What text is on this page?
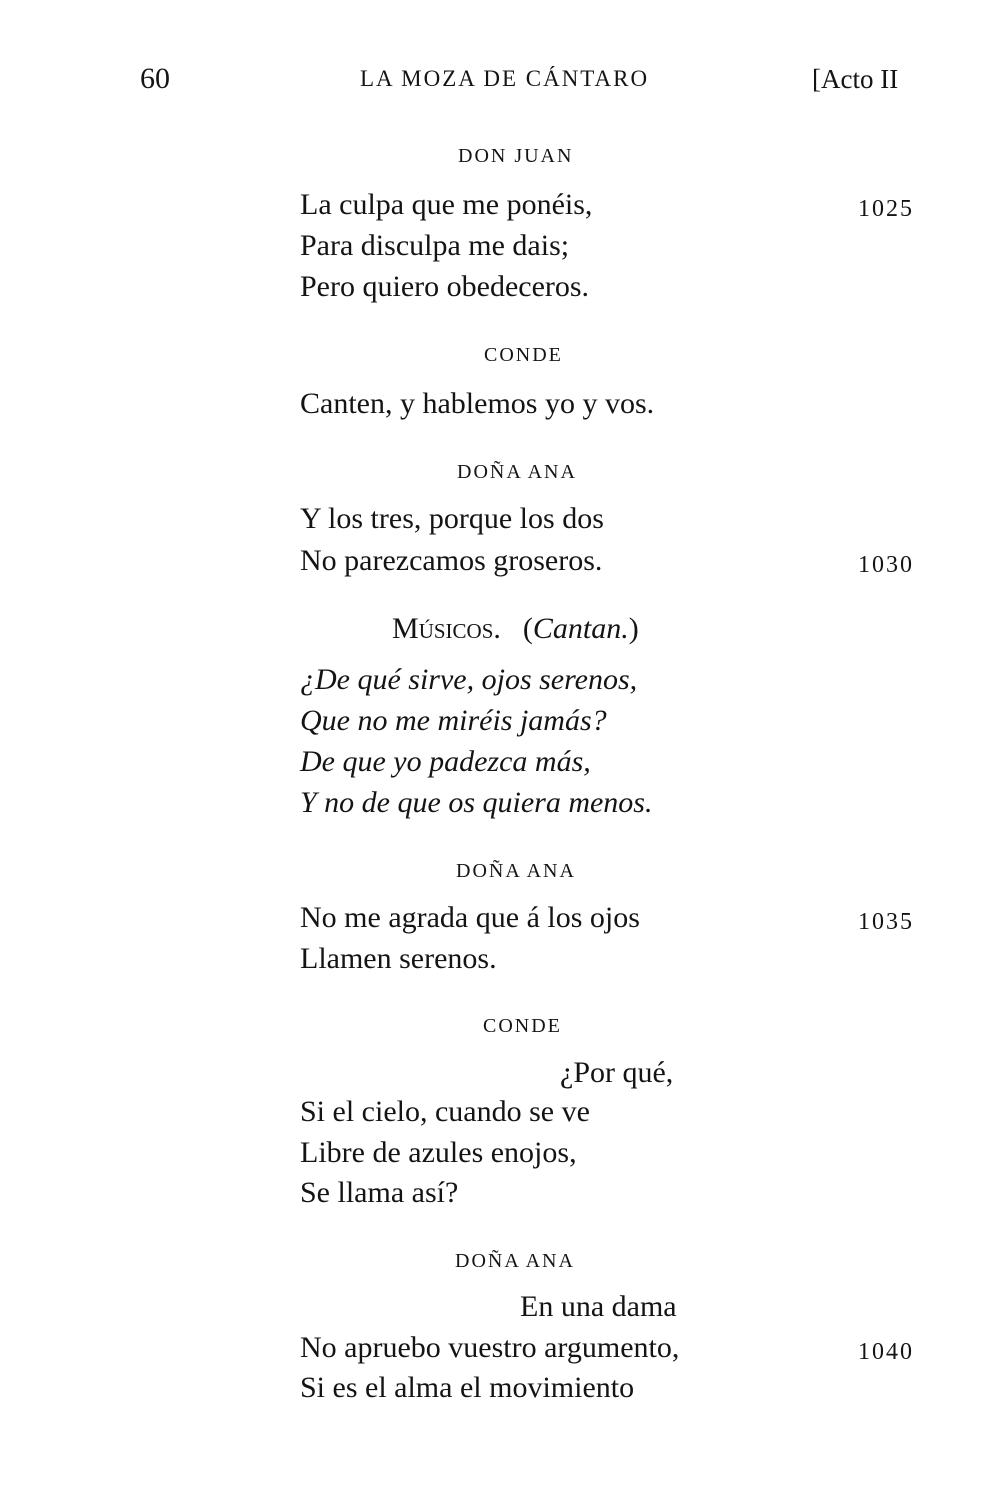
60	LA MOZA DE CÁNTARO	[Acto II
DON JUAN
La culpa que me ponéis,	1025
Para disculpa me dais;
Pero quiero obedeceros.
CONDE
Canten, y hablemos yo y vos.
DOÑA ANA
Y los tres, porque los dos
No parezcamos groseros.	1030
Músicos. (Cantan.)
¿De qué sirve, ojos serenos,
Que no me miréis jamás?
De que yo padezca más,
Y no de que os quiera menos.
DOÑA ANA
No me agrada que á los ojos	1035
Llamen serenos.
CONDE
¿Por qué,
Si el cielo, cuando se ve
Libre de azules enojos,
Se llama así?
DOÑA ANA
En una dama
No apruebo vuestro argumento,	1040
Si es el alma el movimiento
